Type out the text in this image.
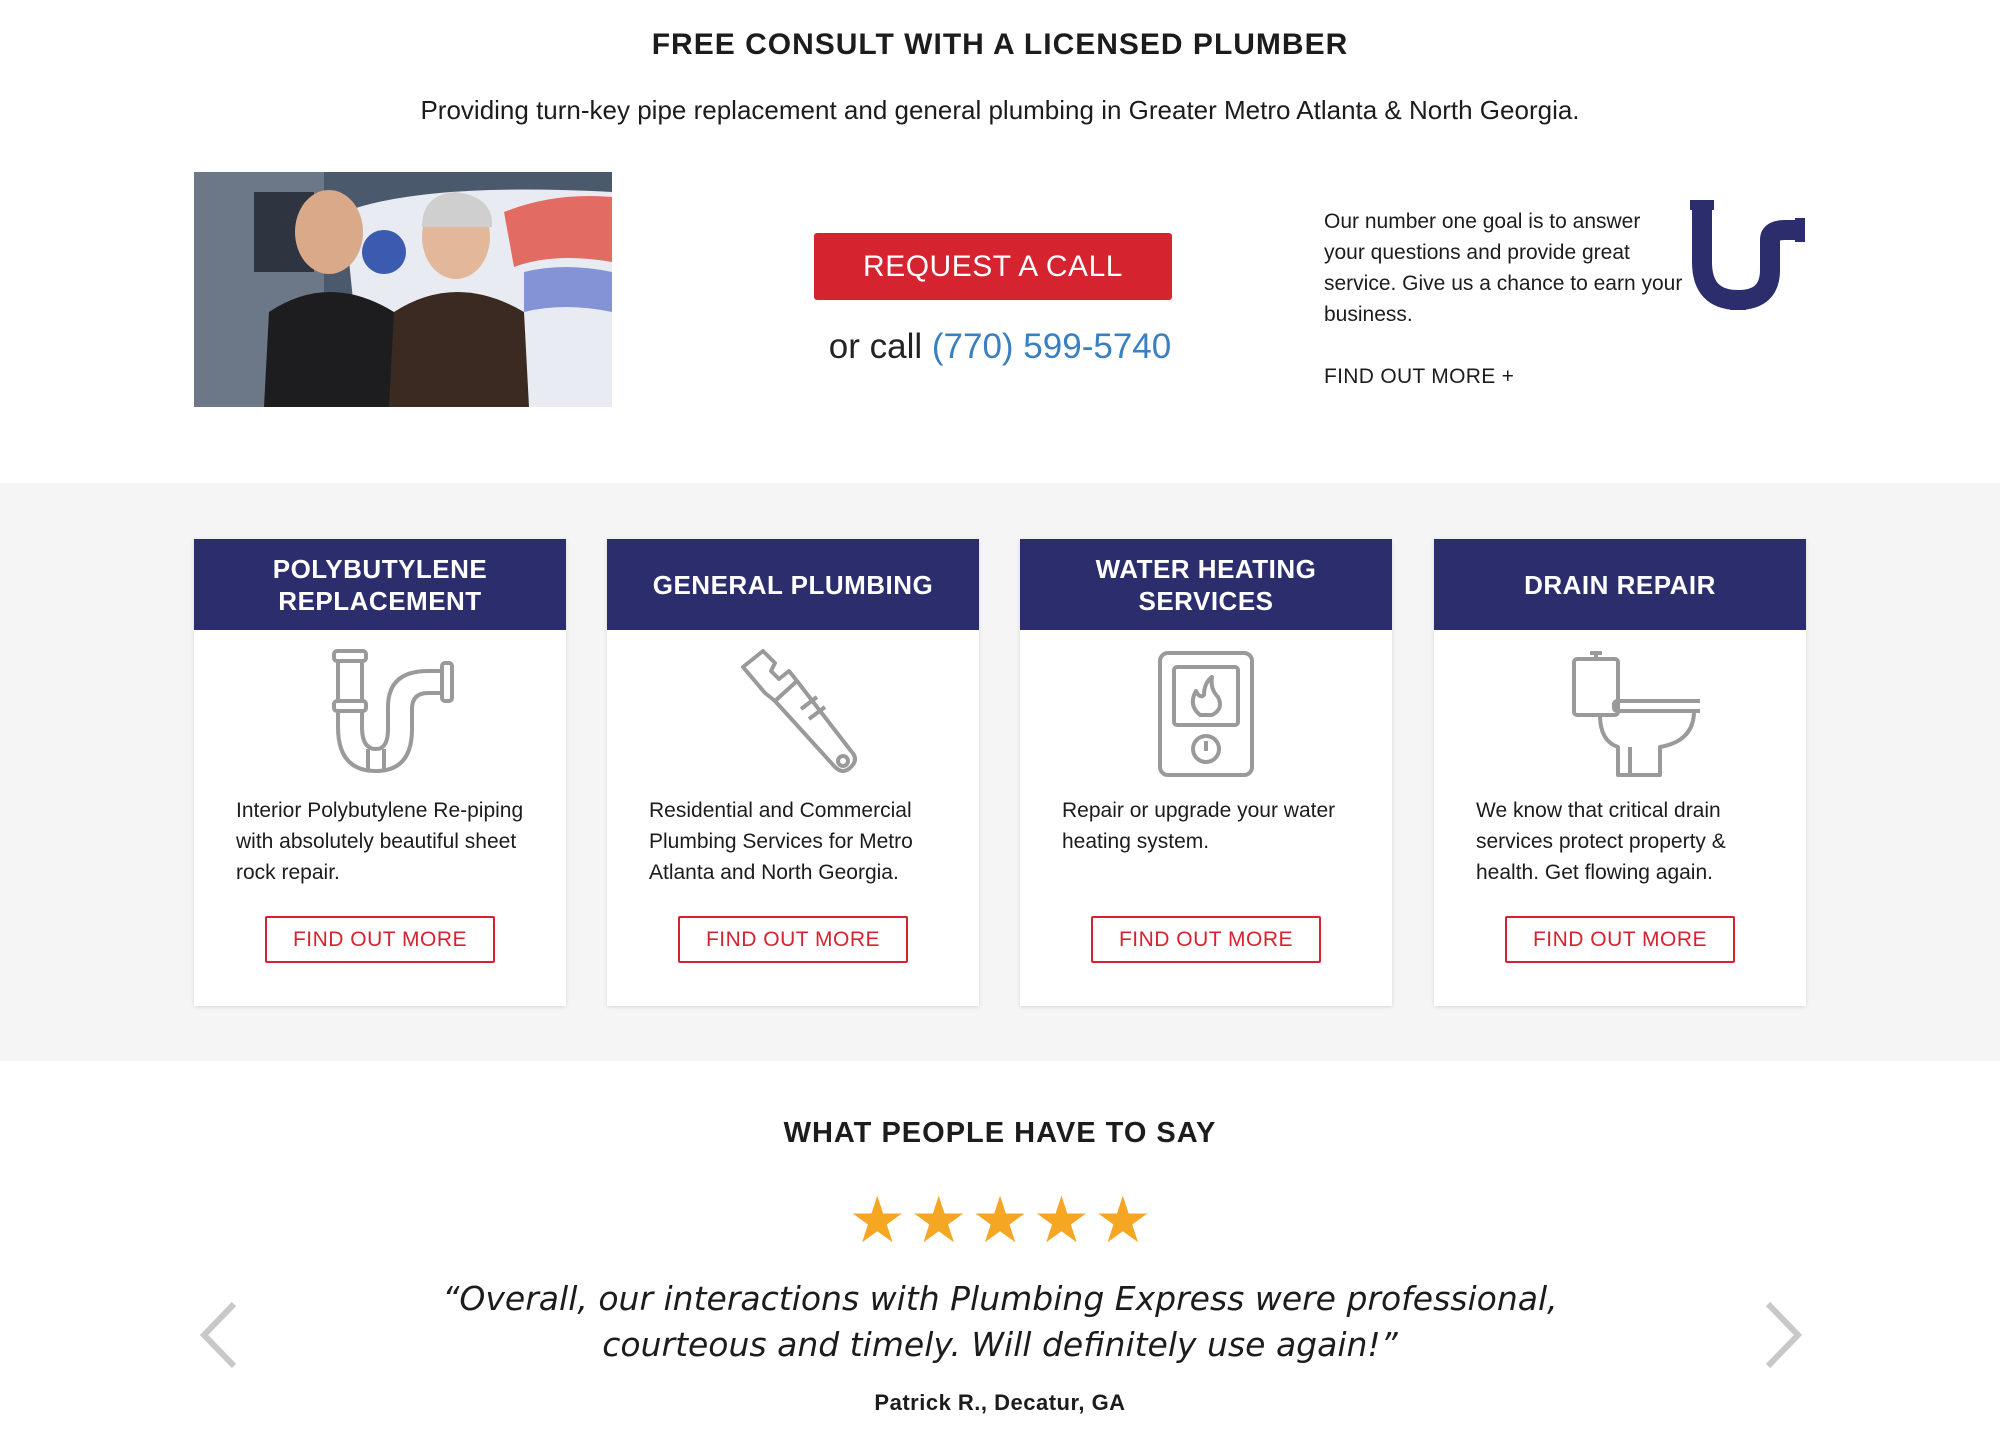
FREE CONSULT WITH A LICENSED PLUMBER

Providing turn-key pipe replacement and general plumbing in Greater Metro Atlanta & North Georgia.

REQUEST A CALL
or call (770) 599-5740

Our number one goal is to answer your questions and provide great service. Give us a chance to earn your business.

FIND OUT MORE +
POLYBUTYLENE REPLACEMENT

Interior Polybutylene Re-piping with absolutely beautiful sheet rock repair.

FIND OUT MORE
GENERAL PLUMBING

Residential and Commercial Plumbing Services for Metro Atlanta and North Georgia.

FIND OUT MORE
WATER HEATING SERVICES

Repair or upgrade your water heating system.

FIND OUT MORE
DRAIN REPAIR

We know that critical drain services protect property & health. Get flowing again.

FIND OUT MORE
WHAT PEOPLE HAVE TO SAY
★★★★★

“Overall, our interactions with Plumbing Express were professional, courteous and timely. Will definitely use again!”

Patrick R., Decatur, GA
